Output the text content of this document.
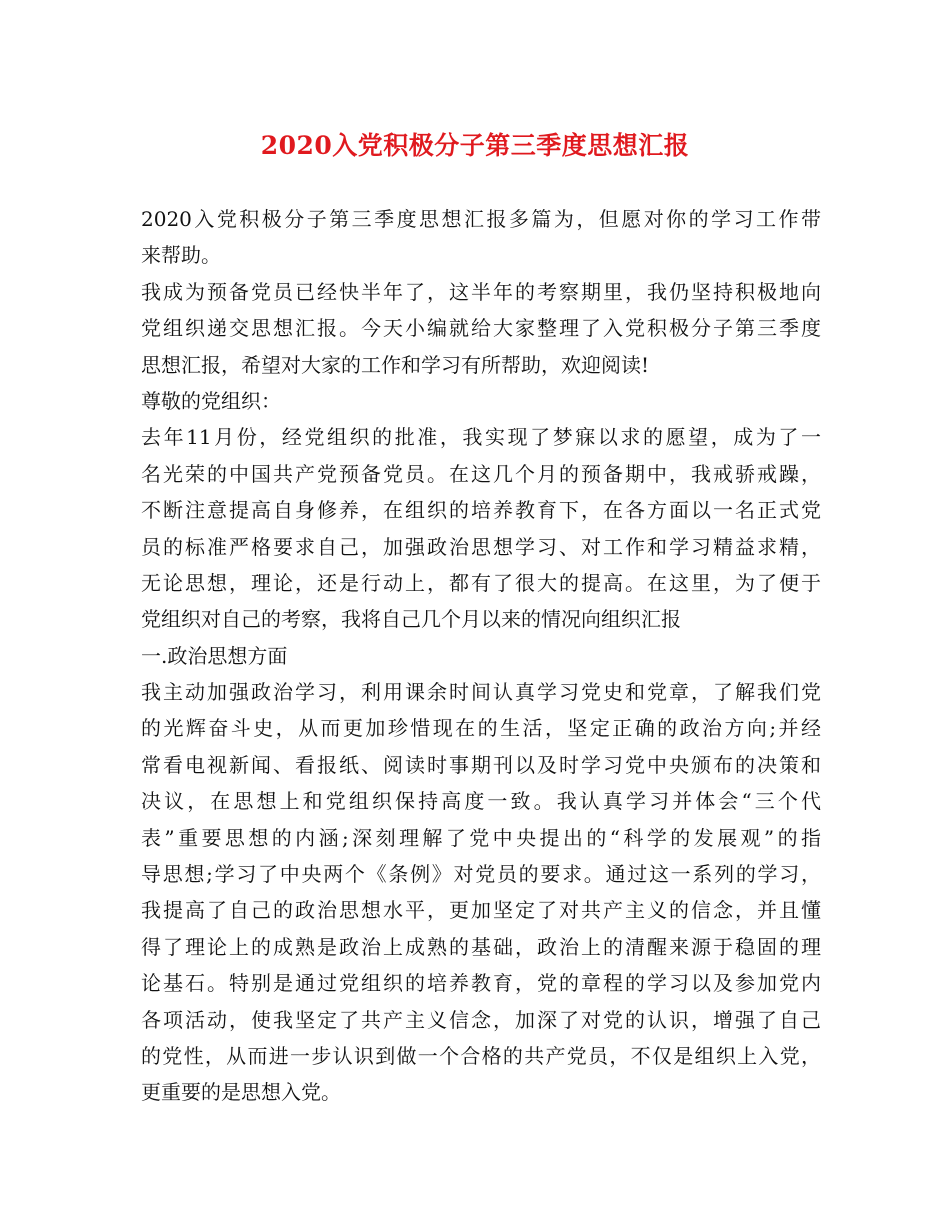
2020入党积极分子第三季度思想汇报
2020入党积极分子第三季度思想汇报多篇为，但愿对你的学习工作带
来帮助。
我成为预备党员已经快半年了，这半年的考察期里，我仍坚持积极地向
党组织递交思想汇报。今天小编就给大家整理了入党积极分子第三季度
思想汇报，希望对大家的工作和学习有所帮助，欢迎阅读!
尊敬的党组织：
去年11月份，经党组织的批准，我实现了梦寐以求的愿望，成为了一
名光荣的中国共产党预备党员。在这几个月的预备期中，我戒骄戒躁，
不断注意提高自身修养，在组织的培养教育下，在各方面以一名正式党
员的标准严格要求自己，加强政治思想学习、对工作和学习精益求精，
无论思想，理论，还是行动上，都有了很大的提高。在这里，为了便于
党组织对自己的考察，我将自己几个月以来的情况向组织汇报
一.政治思想方面
我主动加强政治学习，利用课余时间认真学习党史和党章，了解我们党
的光辉奋斗史，从而更加珍惜现在的生活，坚定正确的政治方向;并经
常看电视新闻、看报纸、阅读时事期刊以及时学习党中央颁布的决策和
决议，在思想上和党组织保持高度一致。我认真学习并体会“三个代
表”重要思想的内涵;深刻理解了党中央提出的“科学的发展观”的指
导思想;学习了中央两个《条例》对党员的要求。通过这一系列的学习，
我提高了自己的政治思想水平，更加坚定了对共产主义的信念，并且懂
得了理论上的成熟是政治上成熟的基础，政治上的清醒来源于稳固的理
论基石。特别是通过党组织的培养教育，党的章程的学习以及参加党内
各项活动，使我坚定了共产主义信念，加深了对党的认识，增强了自己
的党性，从而进一步认识到做一个合格的共产党员，不仅是组织上入党，
更重要的是思想入党。
